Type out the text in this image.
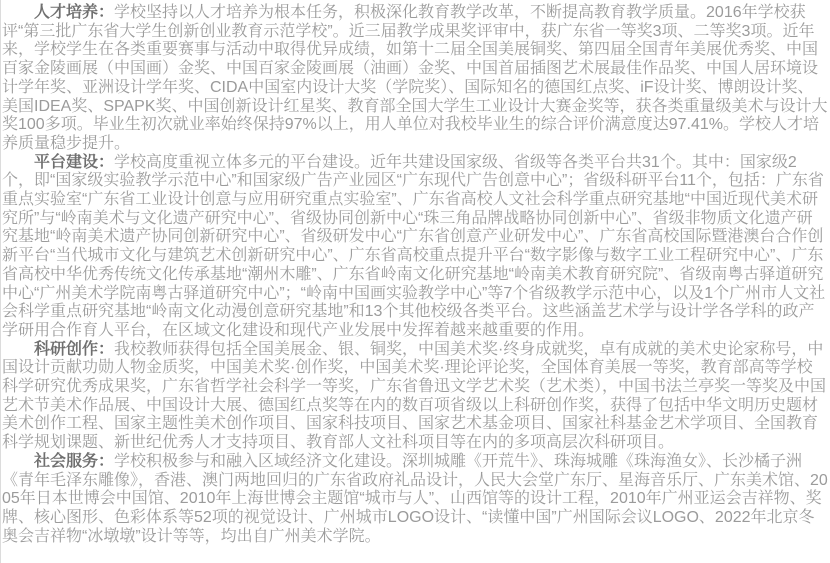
人才培养：学校坚持以人才培养为根本任务，积极深化教育教学改革，不断提高教育教学质量。2016年学校获评“第三批广东省大学生创新创业教育示范学校”。近三届教学成果奖评审中，获广东省一等奖3项、二等奖3项。近年来，学校学生在各类重要赛事与活动中取得优异成绩，如第十二届全国美展铜奖、第四届全国青年美展优秀奖、中国百家金陵画展（中国画）金奖、中国百家金陵画展（油画）金奖、中国首届插图艺术展最佳作品奖、中国人居环境设计学年奖、亚洲设计学年奖、CIDA中国室内设计大奖（学院奖）、国际知名的德国红点奖、iF设计奖、博朗设计奖、美国IDEA奖、SPAPK奖、中国创新设计红星奖、教育部全国大学生工业设计大赛金奖等，获各类重量级美术与设计大奖100多项。毕业生初次就业率始终保持97%以上，用人单位对我校毕业生的综合评价满意度达97.41%。学校人才培养质量稳步提升。

平台建设：学校高度重视立体多元的平台建设。近年共建设国家级、省级等各类平台共31个。其中：国家级2个，即“国家级实验教学示范中心”和国家级广告产业园区“广东现代广告创意中心”；省级科研平台11个，包括：广东省重点实验室“广东省工业设计创意与应用研究重点实验室”、广东省高校人文社会科学重点研究基地“中国近现代美术研究所”与“岭南美术与文化遗产研究中心”、省级协同创新中心“珠三角品牌战略协同创新中心”、省级非物质文化遗产研究基地“岭南美术遗产协同创新研究中心”、省级研发中心“广东省创意产业研发中心”、广东省高校国际暨港澳台合作创新平台“当代城市文化与建筑艺术创新研究中心”、广东省高校重点提升平台“数字影像与数字工业工程研究中心”、广东省高校中华优秀传统文化传承基地“潮州木雕”、广东省岭南文化研究基地“岭南美术教育研究院”、省级南粤古驿道研究中心“广州美术学院南粤古驿道研究中心”；“岭南中国画实验教学中心”等7个省级教学示范中心，以及1个广州市人文社会科学重点研究基地“岭南文化动漫创意研究基地”和13个其他校级各类平台。这些涵盖艺术学与设计学各学科的政产学研用合作育人平台，在区域文化建设和现代产业发展中发挥着越来越重要的作用。

科研创作：我校教师获得包括全国美展金、银、铜奖，中国美术奖·终身成就奖，卓有成就的美术史论家称号，中国设计贡献功勋人物金质奖，中国美术奖·创作奖，中国美术奖·理论评论奖，全国体育美展一等奖，教育部高等学校科学研究优秀成果奖，广东省哲学社会科学一等奖，广东省鲁迅文学艺术奖（艺术类），中国书法兰亭奖一等奖及中国艺术节美术作品展、中国设计大展、德国红点奖等在内的数百项省级以上科研创作奖，获得了包括中华文明历史题材美术创作工程、国家主题性美术创作项目、国家科技项目、国家艺术基金项目、国家社科基金艺术学项目、全国教育科学规划课题、新世纪优秀人才支持项目、教育部人文社科项目等在内的多项高层次科研项目。

社会服务：学校积极参与和融入区域经济文化建设。深圳城雕《开荒牛》、珠海城雕《珠海渔女》、长沙橘子洲《青年毛泽东雕像》，香港、澳门两地回归的广东省政府礼品设计，人民大会堂广东厅、星海音乐厅、广东美术馆、2005年日本世博会中国馆、2010年上海世博会主题馆“城市与人”、山西馆等的设计工程，2010年广州亚运会吉祥物、奖牌、核心图形、色彩体系等52项的视觉设计、广州城市LOGO设计、“读懂中国”广州国际会议LOGO、2022年北京冬奥会吉祥物“冰墩墩”设计等等，均出自广州美术学院。
